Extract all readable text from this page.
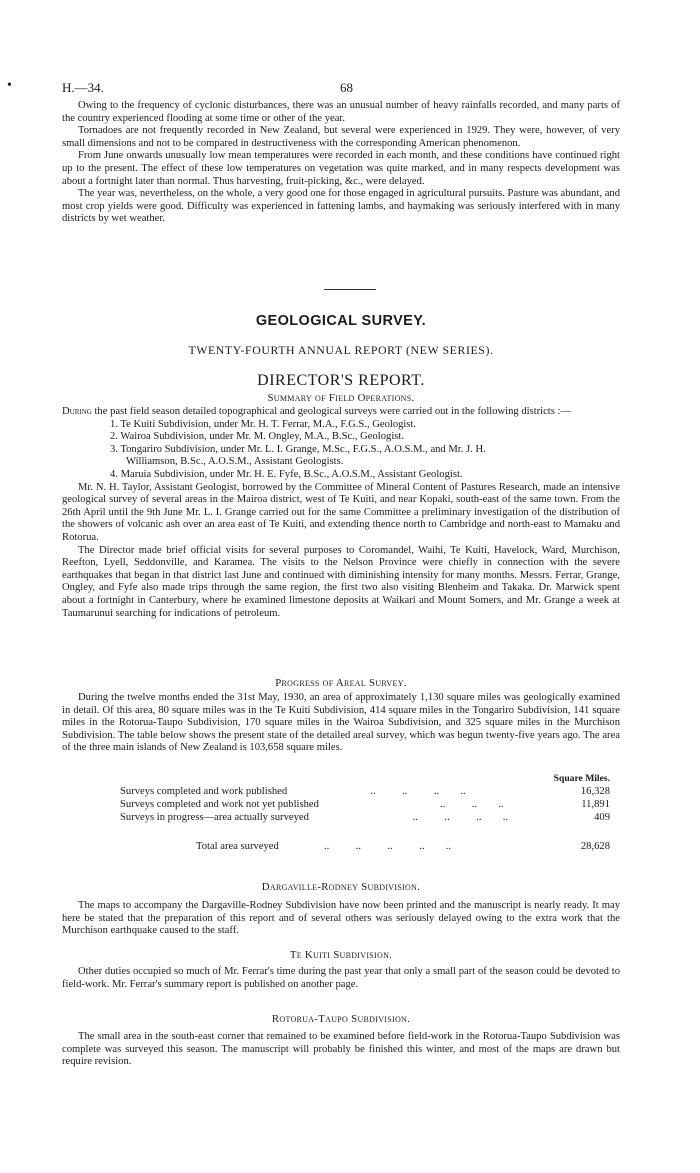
•	H.—34.	68

Owing to the frequency of cyclonic disturbances, there was an unusual number of heavy rainfalls recorded, and many parts of the country experienced flooding at some time or other of the year.

Tornadoes are not frequently recorded in New Zealand, but several were experienced in 1929. They were, however, of very small dimensions and not to be compared in destructiveness with the corresponding American phenomenon.

From June onwards unusually low mean temperatures were recorded in each month, and these conditions have continued right up to the present. The effect of these low temperatures on vegetation was quite marked, and in many respects development was about a fortnight later than normal. Thus harvesting, fruit-picking, &c., were delayed.

The year was, nevertheless, on the whole, a very good one for those engaged in agricultural pursuits. Pasture was abundant, and most crop yields were good. Difficulty was experienced in fattening lambs, and haymaking was seriously interfered with in many districts by wet weather.

GEOLOGICAL SURVEY.
TWENTY-FOURTH ANNUAL REPORT (NEW SERIES).
DIRECTOR'S REPORT.
Summary of Field Operations.

During the past field season detailed topographical and geological surveys were carried out in the following districts :—

1. Te Kuiti Subdivision, under Mr. H. T. Ferrar, M.A., F.G.S., Geologist.

2. Wairoa Subdivision, under Mr. M. Ongley, M.A., B.Sc., Geologist.

3. Tongariro Subdivision, under Mr. L. I. Grange, M.Sc., F.G.S., A.O.S.M., and Mr. J. H.

Williamson, B.Sc., A.O.S.M., Assistant Geologists.

4. Maruia Subdivision, under Mr. H. E. Fyfe, B.Sc., A.O.S.M., Assistant Geologist.

Mr. N. H. Taylor, Assistant Geologist, borrowed by the Committee of Mineral Content of Pastures Research, made an intensive geological survey of several areas in the Mairoa district, west of Te Kuiti, and near Kopaki, south-east of the same town. From the 26th April until the 9th June Mr. L. I. Grange carried out for the same Committee a preliminary investigation of the distribution of the showers of volcanic ash over an area east of Te Kuiti, and extending thence north to Cambridge and north-east to Mamaku and Rotorua.

The Director made brief official visits for several purposes to Coromandel, Waihi, Te Kuiti, Havelock, Ward, Murchison, Reefton, Lyell, Seddonville, and Karamea. The visits to the Nelson Province were chiefly in connection with the severe earthquakes that began in that district last June and continued with diminishing intensity for many months. Messrs. Ferrar, Grange, Ongley, and Fyfe also made trips through the same region, the first two also visiting Blenheim and Takaka. Dr. Marwick spent about a fortnight in Canterbury, where he examined limestone deposits at Waikari and Mount Somers, and Mr. Grange a week at Taumarunui searching for indications of petroleum.

Progress of Areal Survey.

During the twelve months ended the 31st May, 1930, an area of approximately 1,130 square miles was geologically examined in detail. Of this area, 80 square miles was in the Te Kuiti Subdivision, 414 square miles in the Tongariro Subdivision, 141 square miles in the Rotorua-Taupo Subdivision, 170 square miles in the Wairoa Subdivision, and 325 square miles in the Murchison Subdivision. The table below shows the present state of the detailed areal survey, which was begun twenty-five years ago. The area of the three main islands of New Zealand is 103,658 square miles.

Square Miles.
Surveys completed and work published	..          ..          ..        ..	16,328
Surveys completed and work not yet published	..          ..        ..	11,891
Surveys in progress—area actually surveyed	..          ..          ..        ..	409
Total area surveyed	..          ..          ..          ..        ..	28,628
Dargaville-Rodney Subdivision.

The maps to accompany the Dargaville-Rodney Subdivision have now been printed and the manuscript is nearly ready. It may here be stated that the preparation of this report and of several others was seriously delayed owing to the extra work that the Murchison earthquake caused to the staff.

Te Kuiti Subdivision.

Other duties occupied so much of Mr. Ferrar's time during the past year that only a small part of the season could be devoted to field-work. Mr. Ferrar's summary report is published on another page.

Rotorua-Taupo Subdivision.

The small area in the south-east corner that remained to be examined before field-work in the Rotorua-Taupo Subdivision was complete was surveyed this season. The manuscript will probably be finished this winter, and most of the maps are drawn but require revision.
